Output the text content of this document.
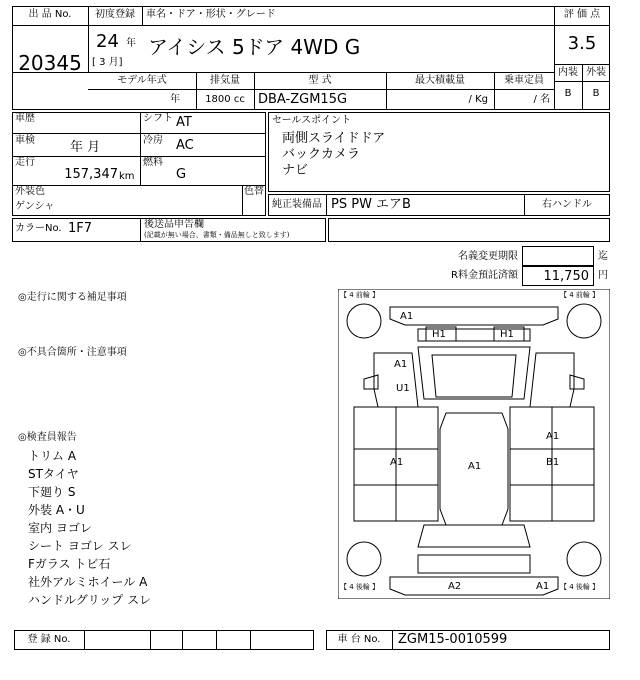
出 品 No.
20345
初度登録
24 年
[ 3 月]
車名・ドア・形状・グレード
アイシス 5ドア 4WD G
評 価 点
3.5
内装 外装
B	B
モデル年式	排気量	型 式	最大積載量	乗車定員
年	1800 cc	DBA-ZGM15G	/ Kg	/ 名
車歴	シフト AT
車検	年 月	冷房 AC
走行
157,347 km
燃料
G
外装色	色替
ゲンシャ
セールスポイント
両側スライドドア
バックカメラ
ナビ
純正装備品 PS PW エアB	右ハンドル
カラーNo. 1F7	後送品申告欄
(記載が無い場合、書類・備品無しと致します)
名義変更期限	迄
R料金預託済額	11,750 円
◎走行に関する補足事項
◎不具合箇所・注意事項
◎検査員報告
トリム A
STタイヤ
下廻り S
外装 A・U
室内 ヨゴレ
シート ヨゴレ スレ
Fガラス トビ石
社外アルミホイール A
ハンドルグリップ スレ
【 4 前輪 】	【 4 前輪 】
【 4 後輪 】	【 4 後輪 】
A1
H1	H1
A1
U1
A1	A1
A1
B1
A2	A1
登 録 No.	車 台 No.	ZGM15-0010599
